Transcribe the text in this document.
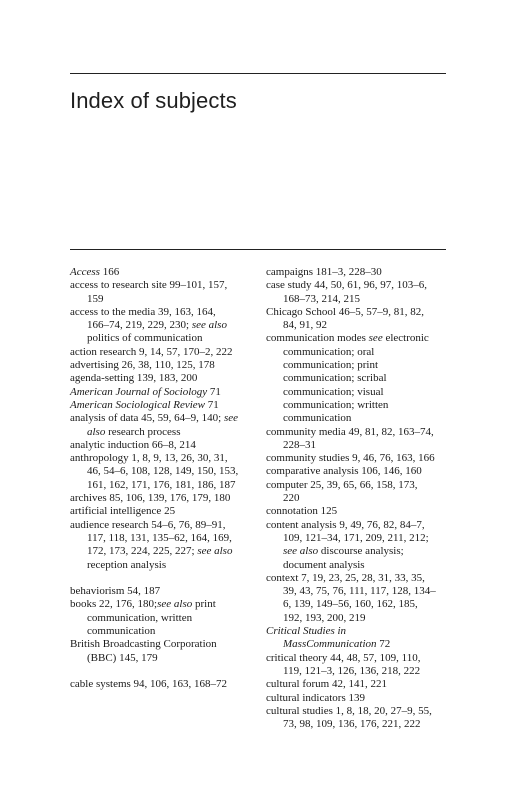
Index of subjects
Access 166
access to research site 99–101, 157,
159
access to the media 39, 163, 164,
166–74, 219, 229, 230; see also
politics of communication
action research 9, 14, 57, 170–2, 222
advertising 26, 38, 110, 125, 178
agenda-setting 139, 183, 200
American Journal of Sociology 71
American Sociological Review 71
analysis of data 45, 59, 64–9, 140; see
also research process
analytic induction 66–8, 214
anthropology 1, 8, 9, 13, 26, 30, 31,
46, 54–6, 108, 128, 149, 150, 153,
161, 162, 171, 176, 181, 186, 187
archives 85, 106, 139, 176, 179, 180
artificial intelligence 25
audience research 54–6, 76, 89–91,
117, 118, 131, 135–62, 164, 169,
172, 173, 224, 225, 227; see also
reception analysis
behaviorism 54, 187
books 22, 176, 180;see also print
communication, written
communication
British Broadcasting Corporation
(BBC) 145, 179
cable systems 94, 106, 163, 168–72
campaigns 181–3, 228–30
case study 44, 50, 61, 96, 97, 103–6,
168–73, 214, 215
Chicago School 46–5, 57–9, 81, 82,
84, 91, 92
communication modes see electronic
communication; oral
communication; print
communication; scribal
communication; visual
communication; written
communication
community media 49, 81, 82, 163–74,
228–31
community studies 9, 46, 76, 163, 166
comparative analysis 106, 146, 160
computer 25, 39, 65, 66, 158, 173,
220
connotation 125
content analysis 9, 49, 76, 82, 84–7,
109, 121–34, 171, 209, 211, 212;
see also discourse analysis;
document analysis
context 7, 19, 23, 25, 28, 31, 33, 35,
39, 43, 75, 76, 111, 117, 128, 134–
6, 139, 149–56, 160, 162, 185,
192, 193, 200, 219
Critical Studies in
MassCommunication 72
critical theory 44, 48, 57, 109, 110,
119, 121–3, 126, 136, 218, 222
cultural forum 42, 141, 221
cultural indicators 139
cultural studies 1, 8, 18, 20, 27–9, 55,
73, 98, 109, 136, 176, 221, 222
